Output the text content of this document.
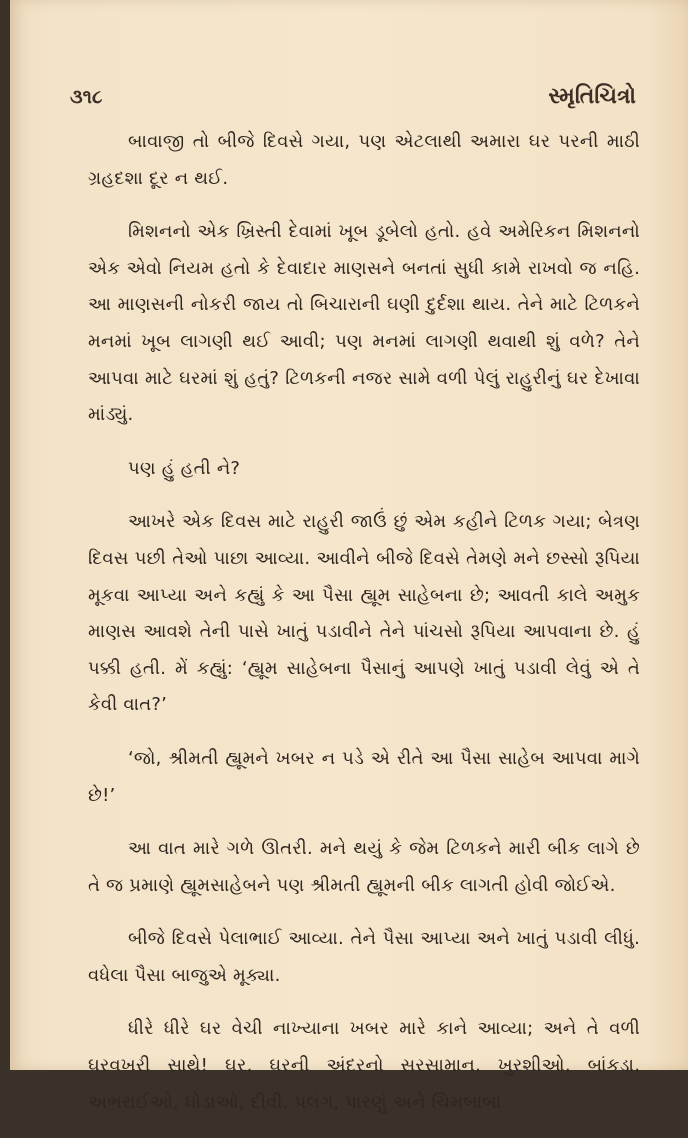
૩૧૮	સ્મૃતિચિત્રો

બાવાજી તો બીજે દિવસે ગયા, પણ એટલાથી અમારા ઘર પરની માઠી ગ્રહદશા દૂર ન થઈ.

મિશનનો એક ખ્રિસ્તી દેવામાં ખૂબ ડૂબેલો હતો. હવે અમેરિકન મિશનનો એક એવો નિયમ હતો કે દેવાદાર માણસને બનતાં સુધી કામે રાખવો જ નહિ. આ માણસની નોકરી જાય તો બિચારાની ઘણી દુર્દશા થાય. તેને માટે ટિળકને મનમાં ખૂબ લાગણી થઈ આવી; પણ મનમાં લાગણી થવાથી શું વળે? તેને આપવા માટે ઘરમાં શું હતું? ટિળકની નજર સામે વળી પેલું રાહુરીનું ઘર દેખાવા માંડ્યું.

પણ હું હતી ને?

આખરે એક દિવસ માટે રાહુરી જાઉં છું એમ કહીને ટિળક ગયા; બેત્રણ દિવસ પછી તેઓ પાછા આવ્યા. આવીને બીજે દિવસે તેમણે મને છસ્સો રૂપિયા મૂકવા આપ્યા અને કહ્યું કે આ પૈસા હ્યૂમ સાહેબના છે; આવતી કાલે અમુક માણસ આવશે તેની પાસે ખાતું પડાવીને તેને પાંચસો રૂપિયા આપવાના છે. હું પક્કી હતી. મેં કહ્યું: ‘હ્યૂમ સાહેબના પૈસાનું આપણે ખાતું પડાવી લેવું એ તે કેવી વાત?’

‘જો, શ્રીમતી હ્યૂમને ખબર ન પડે એ રીતે આ પૈસા સાહેબ આપવા માગે છે!’

આ વાત મારે ગળે ઊતરી. મને થયું કે જેમ ટિળકને મારી બીક લાગે છે તે જ પ્રમાણે હ્યૂમસાહેબને પણ શ્રીમતી હ્યૂમની બીક લાગતી હોવી જોઈએ.

બીજે દિવસે પેલાભાઈ આવ્યા. તેને પૈસા આપ્યા અને ખાતું પડાવી લીધું. વધેલા પૈસા બાજુએ મૂક્યા.

ધીરે ધીરે ઘર વેચી નાખ્યાના ખબર મારે કાને આવ્યા; અને તે વળી ઘરવખરી સાથે! ઘર, ઘરની અંદરનો સરસામાન, ખુરશીઓ, બાંકડા, અભરાઈઓ, ઘોડાઓ, દીવી, પલંગ, પારણું અને ચિમબાબા
